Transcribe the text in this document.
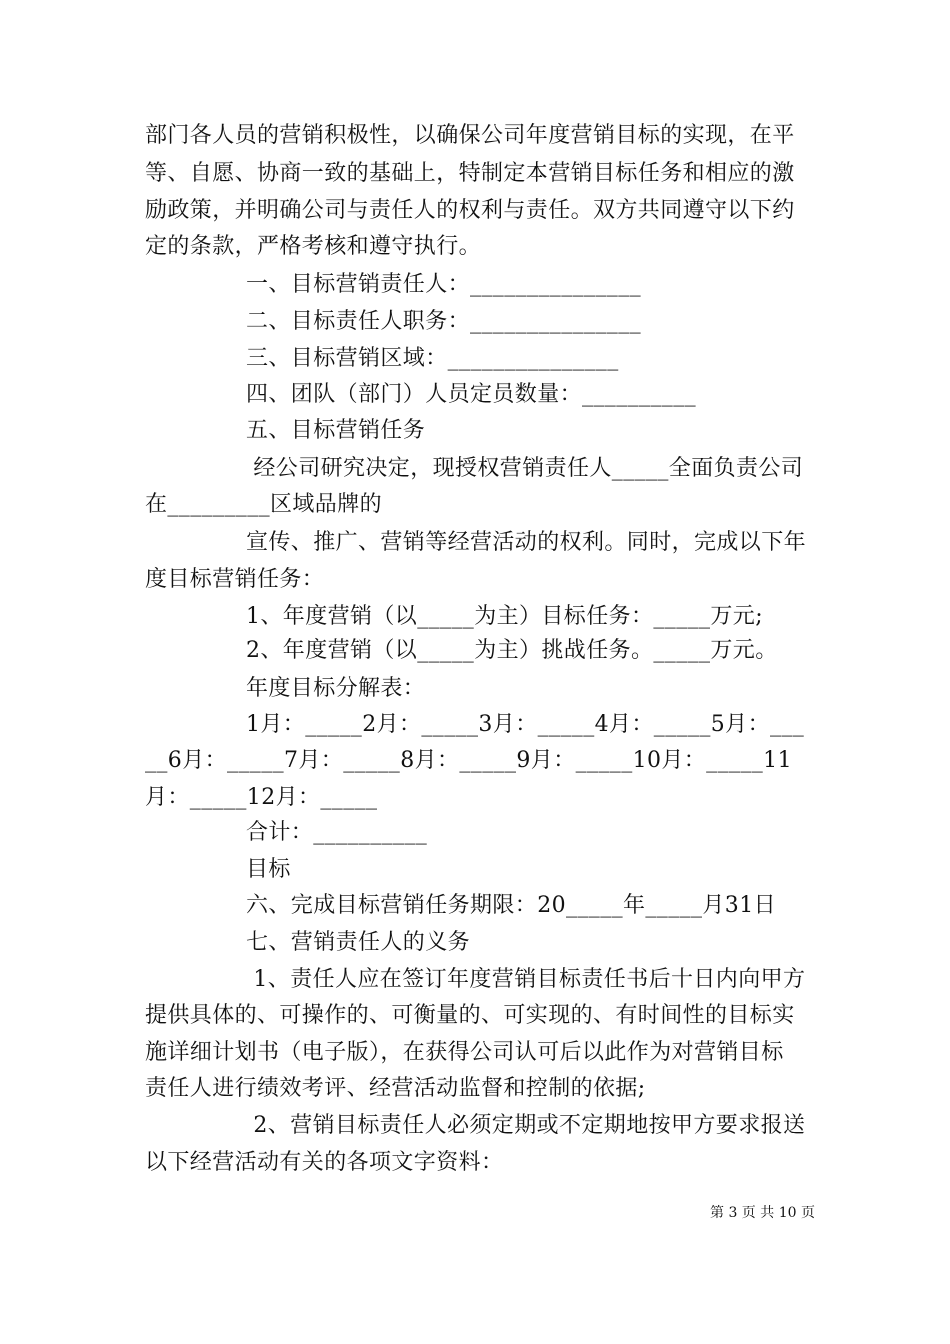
部门各人员的营销积极性，以确保公司年度营销目标的实现，在平

等、自愿、协商一致的基础上，特制定本营销目标任务和相应的激

励政策，并明确公司与责任人的权利与责任。双方共同遵守以下约

定的条款，严格考核和遵守执行。

一、目标营销责任人：_______________

二、目标责任人职务：_______________

三、目标营销区域：_______________

四、团队（部门）人员定员数量：__________

五、目标营销任务

经公司研究决定，现授权营销责任人_____全面负责公司

在_________区域品牌的

宣传、推广、营销等经营活动的权利。同时，完成以下年

度目标营销任务：

1、年度营销（以_____为主）目标任务：_____万元;

2、年度营销（以_____为主）挑战任务。_____万元。

年度目标分解表：

1月：_____2月：_____3月：_____4月：_____5月：___

__6月：_____7月：_____8月：_____9月：_____10月：_____11

月：_____12月：_____

合计：__________

目标

六、完成目标营销任务期限：20_____年_____月31日

七、营销责任人的义务

1、责任人应在签订年度营销目标责任书后十日内向甲方

提供具体的、可操作的、可衡量的、可实现的、有时间性的目标实

施详细计划书（电子版），在获得公司认可后以此作为对营销目标

责任人进行绩效考评、经营活动监督和控制的依据;

2、营销目标责任人必须定期或不定期地按甲方要求报送

以下经营活动有关的各项文字资料：

第 3 页 共 10 页
